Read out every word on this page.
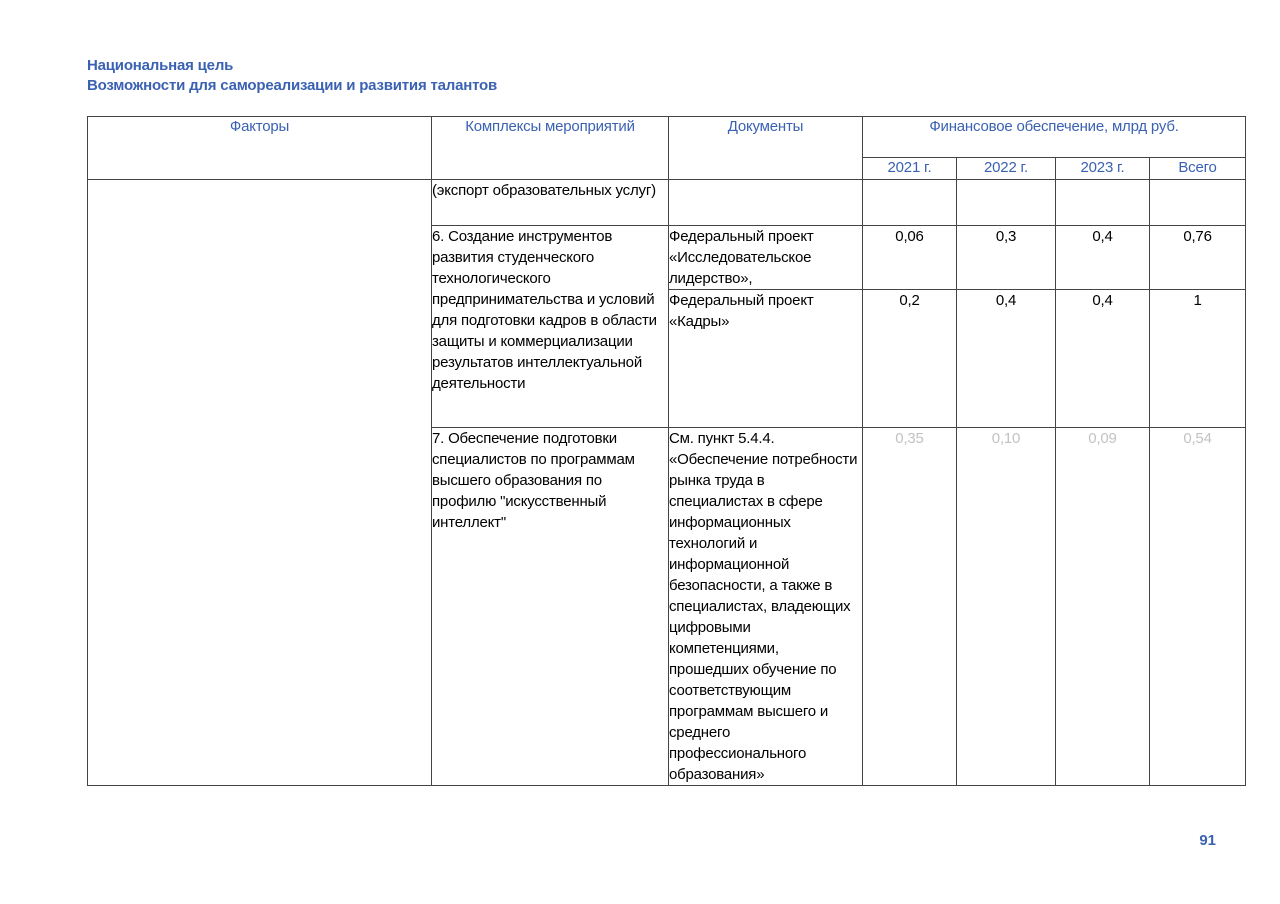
Национальная цель
Возможности для самореализации и развития талантов
Факторы	Комплексы мероприятий	Документы	Финансовое обеспечение, млрд руб.			
			2021 г.	2022 г.	2023 г.	Всего
	(экспорт образовательных услуг)					
	6. Создание инструментов развития студенческого технологического предпринимательства и условий для подготовки кадров в области защиты и коммерциализации результатов интеллектуальной деятельности	Федеральный проект «Исследовательское лидерство»,	0,06	0,3	0,4	0,76
		Федеральный проект «Кадры»	0,2	0,4	0,4	1
	7. Обеспечение подготовки специалистов по программам высшего образования по профилю "искусственный интеллект"	См. пункт 5.4.4. «Обеспечение потребности рынка труда в специалистах в сфере информационных технологий и информационной безопасности, а также в специалистах, владеющих цифровыми компетенциями, прошедших обучение по соответствующим программам высшего и среднего профессионального образования»	0,35	0,10	0,09	0,54
91
